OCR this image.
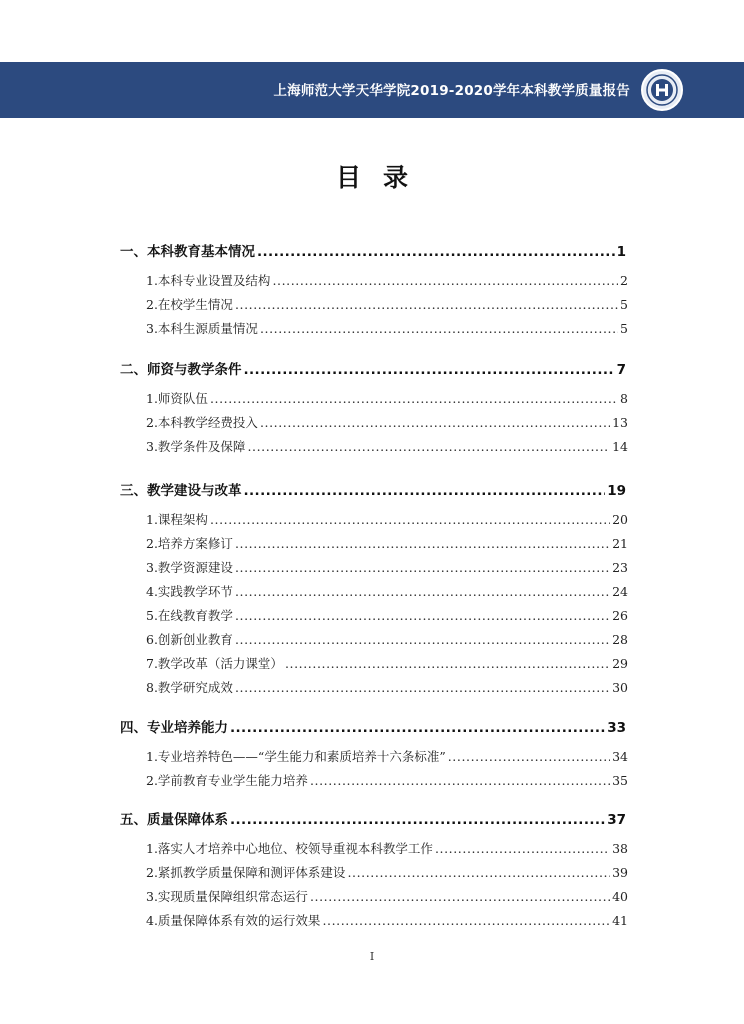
上海师范大学天华学院2019-2020学年本科教学质量报告
目录
一、本科教育基本情况 .....	1
1.本科专业设置及结构 .....	2
2.在校学生情况 .....	5
3.本科生源质量情况 .....	5
二、师资与教学条件 .....	7
1.师资队伍 .....	8
2.本科教学经费投入 .....	13
3.教学条件及保障 .....	14
三、教学建设与改革 .....	19
1.课程架构 .....	20
2.培养方案修订 .....	21
3.教学资源建设 .....	23
4.实践教学环节 .....	24
5.在线教育教学 .....	26
6.创新创业教育 .....	28
7.教学改革（活力课堂） .....	29
8.教学研究成效 .....	30
四、专业培养能力 .....	33
1.专业培养特色——“学生能力和素质培养十六条标准” .....	34
2.学前教育专业学生能力培养 .....	35
五、质量保障体系 .....	37
1.落实人才培养中心地位、校领导重视本科教学工作 .....	38
2.紧抓教学质量保障和测评体系建设 .....	39
3.实现质量保障组织常态运行 .....	40
4.质量保障体系有效的运行效果 .....	41
I
